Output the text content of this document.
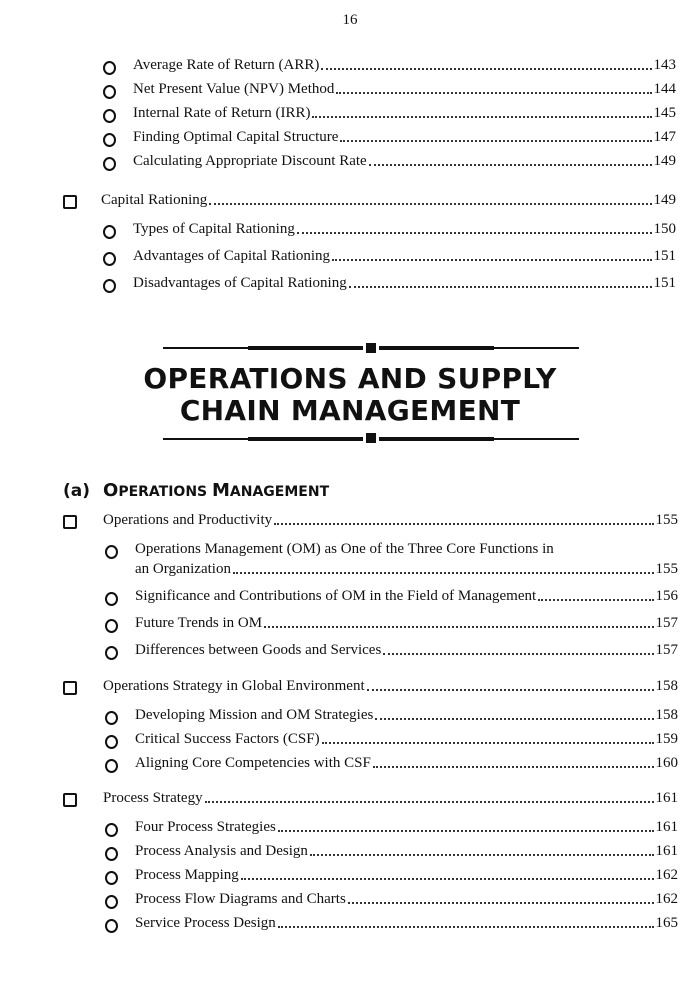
16
Average Rate of Return (ARR)	143
Net Present Value (NPV) Method	144
Internal Rate of Return (IRR)	145
Finding Optimal Capital Structure	147
Calculating Appropriate Discount Rate	149
Capital Rationing	149
Types of Capital Rationing	150
Advantages of Capital Rationing	151
Disadvantages of Capital Rationing	151
OPERATIONS AND SUPPLY
CHAIN MANAGEMENT
(a) OPERATIONS MANAGEMENT
Operations and Productivity	155
Operations Management (OM) as One of the Three Core Functions in
an Organization	155
Significance and Contributions of OM in the Field of Management	156
Future Trends in OM	157
Differences between Goods and Services	157
Operations Strategy in Global Environment	158
Developing Mission and OM Strategies	158
Critical Success Factors (CSF)	159
Aligning Core Competencies with CSF	160
Process Strategy	161
Four Process Strategies	161
Process Analysis and Design	161
Process Mapping	162
Process Flow Diagrams and Charts	162
Service Process Design	165
